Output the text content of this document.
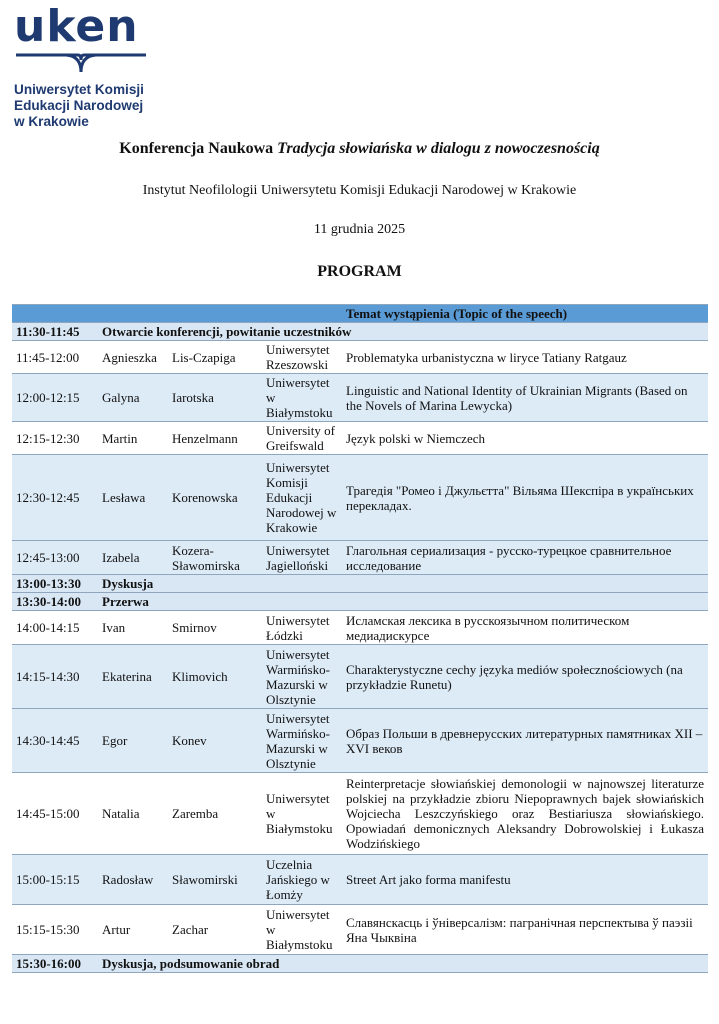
uken
Uniwersytet Komisji
Edukacji Narodowej
w Krakowie
Konferencja Naukowa Tradycja słowiańska w dialogu z nowoczesnością
Instytut Neofilologii Uniwersytetu Komisji Edukacji Narodowej w Krakowie
11 grudnia 2025
PROGRAM
				Temat wystąpienia (Topic of the speech)
11:30-11:45	Otwarcie konferencji, powitanie uczestników			
11:45-12:00	Agnieszka	Lis-Czapiga	Uniwersytet Rzeszowski	Problematyka urbanistyczna w liryce Tatiany Ratgauz
12:00-12:15	Galyna	Iarotska	Uniwersytet w Białymstoku	Linguistic and National Identity of Ukrainian Migrants (Based on the Novels of Marina Lewycka)
12:15-12:30	Martin	Henzelmann	University of Greifswald	Język polski w Niemczech
12:30-12:45	Lesława	Korenowska	Uniwersytet Komisji Edukacji Narodowej w Krakowie	Трагедія "Ромео і Джульєтта" Вільяма Шекспіра в українських перекладах.
12:45-13:00	Izabela	Kozera-Sławomirska	Uniwersytet Jagielloński	Глагольная сериализация - русско-турецкое сравнительное исследование
13:00-13:30	Dyskusja			
13:30-14:00	Przerwa			
14:00-14:15	Ivan	Smirnov	Uniwersytet Łódzki	Исламская лексика в русскоязычном политическом медиадискурсе
14:15-14:30	Ekaterina	Klimovich	Uniwersytet Warmińsko-Mazurski w Olsztynie	Charakterystyczne cechy języka mediów społecznościowych (na przykładzie Runetu)
14:30-14:45	Egor	Konev	Uniwersytet Warmińsko-Mazurski w Olsztynie	Образ Польши в древнерусских литературных памятниках XII – XVI веков
14:45-15:00	Natalia	Zaremba	Uniwersytet w Białymstoku	Reinterpretacje słowiańskiej demonologii w najnowszej literaturze polskiej na przykładzie zbioru Niepoprawnych bajek słowiańskich Wojciecha Leszczyńskiego oraz Bestiariusza słowiańskiego. Opowiadań demonicznych Aleksandry Dobrowolskiej i Łukasza Wodzińskiego
15:00-15:15	Radosław	Sławomirski	Uczelnia Jańskiego w Łomży	Street Art jako forma manifestu
15:15-15:30	Artur	Zachar	Uniwersytet w Białymstoku	Славянскасць і ўніверсалізм: пагранічная перспектыва ў паэзіі Яна Чыквіна
15:30-16:00	Dyskusja, podsumowanie obrad			
